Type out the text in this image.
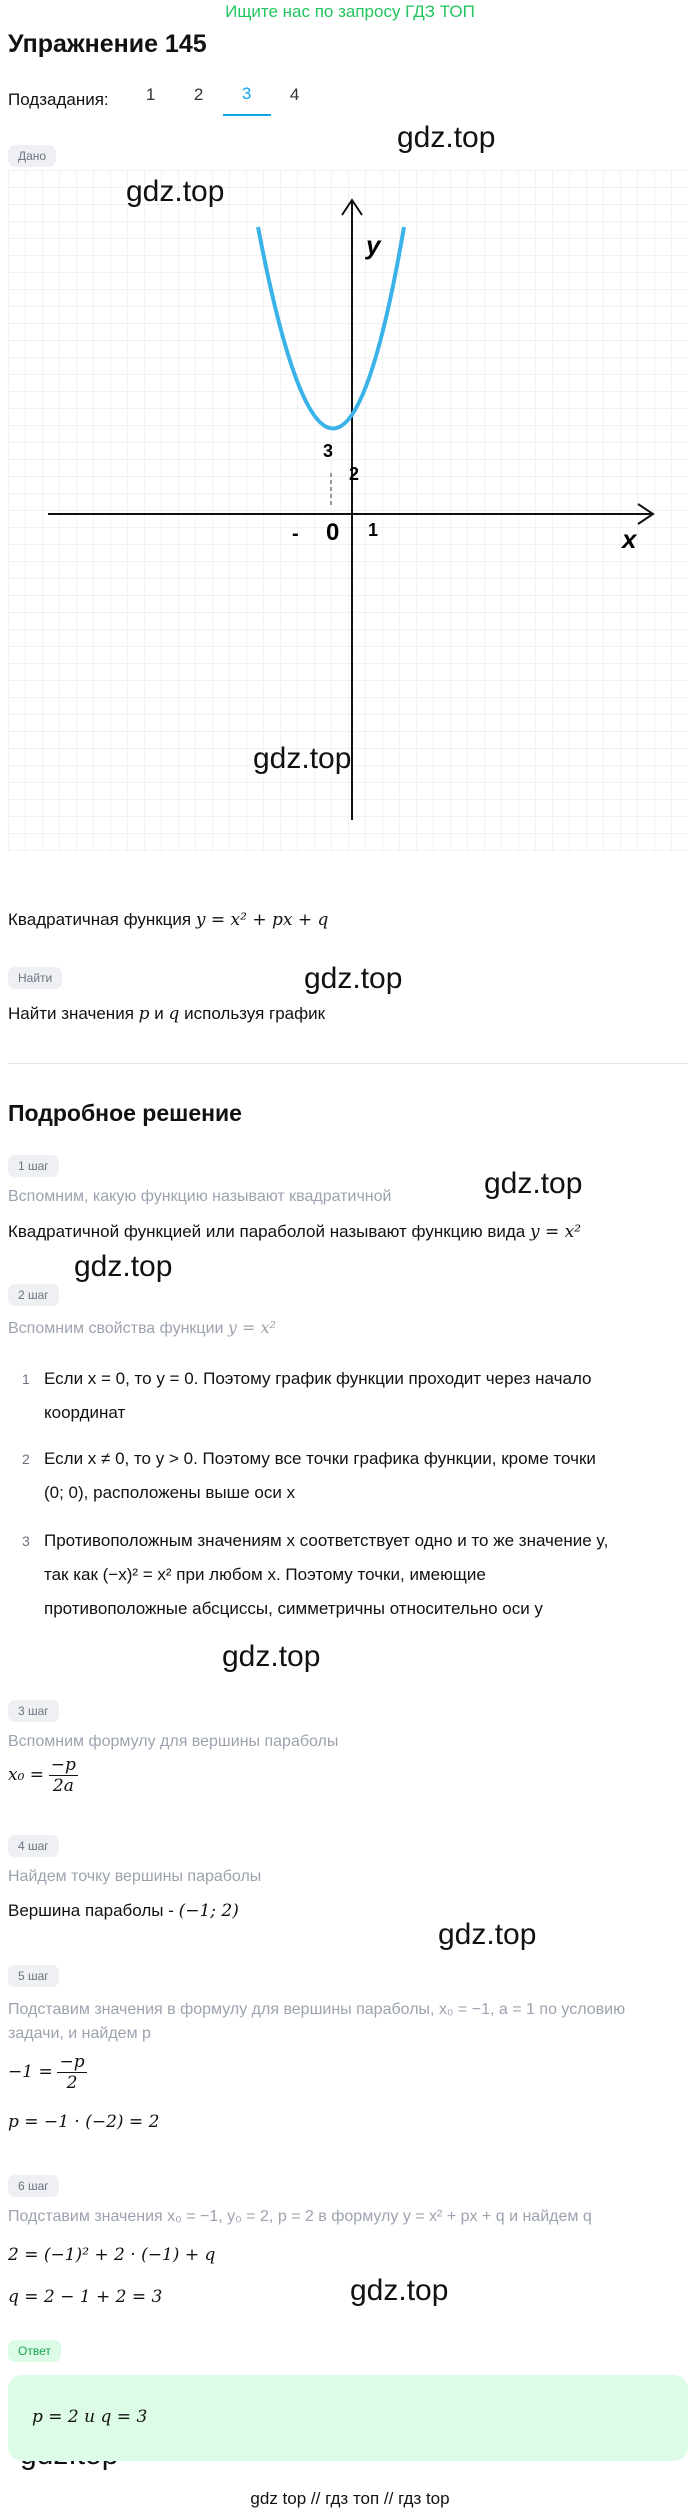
Ищите нас по запросу ГДЗ ТОП
Упражнение 145
Подзадания:	1	2	3	4
Дано
y
x
3
2
0
-	1
gdz.top
gdz.top
gdz.top
gdz.top
gdz.top
gdz.top
gdz.top
gdz.top
gdz.top
Квадратичная функция y = x² + px + q
Найти
Найти значения p и q используя график
Подробное решение
1 шаг
Вспомним, какую функцию называют квадратичной
Квадратичной функцией или параболой называют функцию вида y = x²
2 шаг
Вспомним свойства функции y = x²
1 Если x = 0, то y = 0. Поэтому график функции проходит через начало
координат
2 Если x ≠ 0, то y > 0. Поэтому все точки графика функции, кроме точки
(0; 0), расположены выше оси x
3 Противоположным значениям x соответствует одно и то же значение y,
так как (−x)² = x² при любом x. Поэтому точки, имеющие
противоположные абсциссы, симметричны относительно оси y
3 шаг
Вспомним формулу для вершины параболы
$x_0 = \frac{-p}{2a}$
4 шаг
Найдем точку вершины параболы
Вершина параболы - (−1; 2)
5 шаг
Подставим значения в формулу для вершины параболы, x₀ = −1, a = 1 по условию
задачи, и найдем p
$-1 = \frac{-p}{2}$
p = −1 · (−2) = 2
6 шаг
Подставим значения x₀ = −1, y₀ = 2, p = 2 в формулу y = x² + px + q и найдем q
2 = (−1)² + 2 · (−1) + q
q = 2 − 1 + 2 = 3
Ответ
p = 2 и q = 3
gdz top // гдз топ // гдз top
